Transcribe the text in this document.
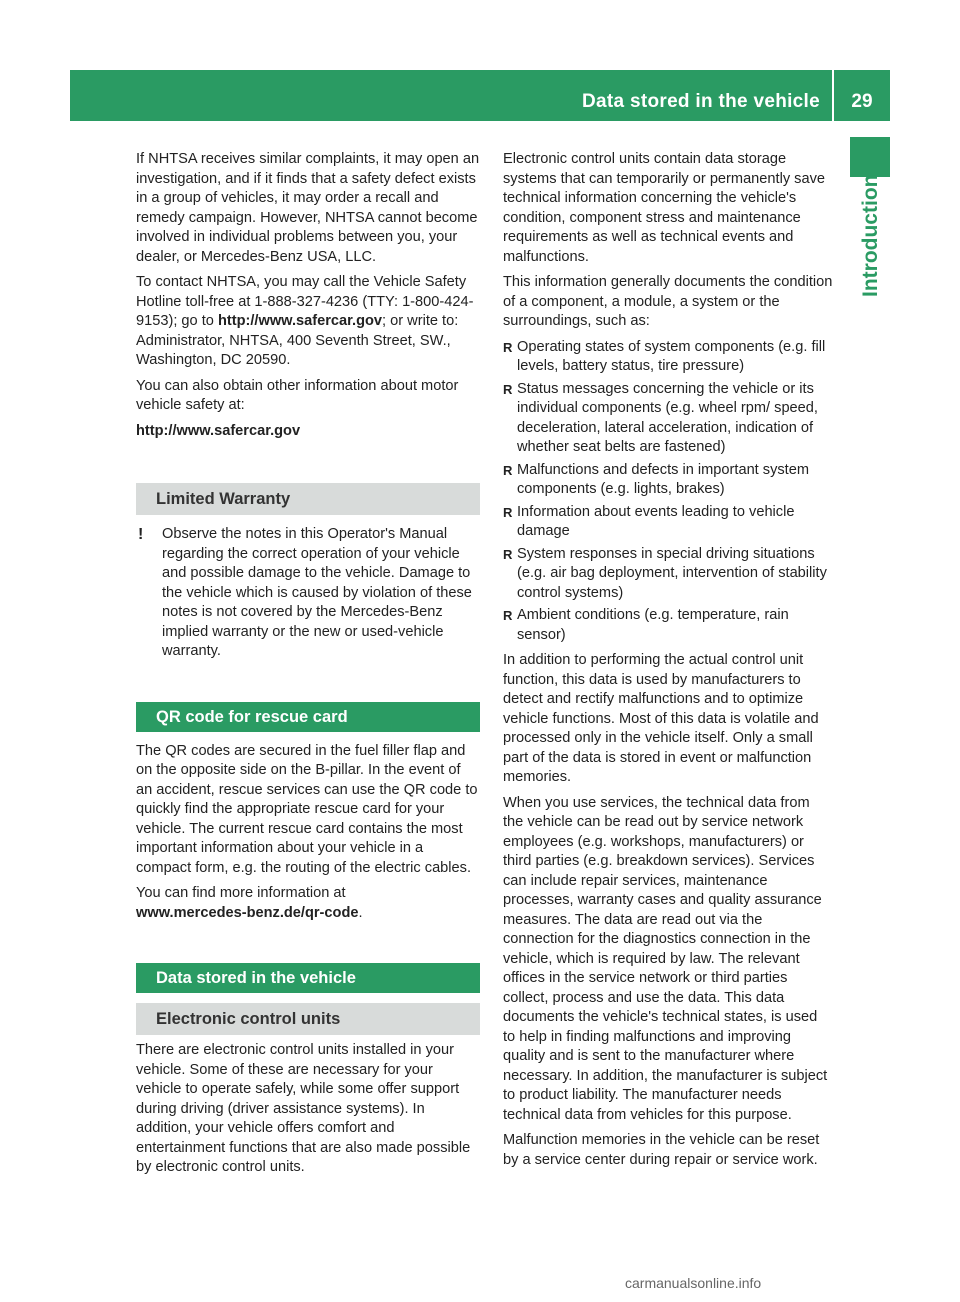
Data stored in the vehicle	29
Introduction

If NHTSA receives similar complaints, it may open an investigation, and if it finds that a safety defect exists in a group of vehicles, it may order a recall and remedy campaign. However, NHTSA cannot become involved in individual problems between you, your dealer, or Mercedes-Benz USA, LLC.

To contact NHTSA, you may call the Vehicle Safety Hotline toll-free at 1-888-327-4236 (TTY: 1-800-424-9153); go to http://www.safercar.gov; or write to: Administrator, NHTSA, 400 Seventh Street, SW., Washington, DC 20590.

You can also obtain other information about motor vehicle safety at:

http://www.safercar.gov

Limited Warranty

! Observe the notes in this Operator's Manual regarding the correct operation of your vehicle and possible damage to the vehicle. Damage to the vehicle which is caused by violation of these notes is not covered by the Mercedes-Benz implied warranty or the new or used-vehicle warranty.

QR code for rescue card

The QR codes are secured in the fuel filler flap and on the opposite side on the B-pillar. In the event of an accident, rescue services can use the QR code to quickly find the appropriate rescue card for your vehicle. The current rescue card contains the most important information about your vehicle in a compact form, e.g. the routing of the electric cables.

You can find more information at
www.mercedes-benz.de/qr-code.

Data stored in the vehicle
Electronic control units

There are electronic control units installed in your vehicle. Some of these are necessary for your vehicle to operate safely, while some offer support during driving (driver assistance systems). In addition, your vehicle offers comfort and entertainment functions that are also made possible by electronic control units.

Electronic control units contain data storage systems that can temporarily or permanently save technical information concerning the vehicle's condition, component stress and maintenance requirements as well as technical events and malfunctions.

This information generally documents the condition of a component, a module, a system or the surroundings, such as:

R Operating states of system components (e.g. fill levels, battery status, tire pressure)
R Status messages concerning the vehicle or its individual components (e.g. wheel rpm/ speed, deceleration, lateral acceleration, indication of whether seat belts are fastened)
R Malfunctions and defects in important system components (e.g. lights, brakes)
R Information about events leading to vehicle damage
R System responses in special driving situations (e.g. air bag deployment, intervention of stability control systems)
R Ambient conditions (e.g. temperature, rain sensor)

In addition to performing the actual control unit function, this data is used by manufacturers to detect and rectify malfunctions and to optimize vehicle functions. Most of this data is volatile and processed only in the vehicle itself. Only a small part of the data is stored in event or malfunction memories.

When you use services, the technical data from the vehicle can be read out by service network employees (e.g. workshops, manufacturers) or third parties (e.g. breakdown services). Services can include repair services, maintenance processes, warranty cases and quality assurance measures. The data are read out via the connection for the diagnostics connection in the vehicle, which is required by law. The relevant offices in the service network or third parties collect, process and use the data. This data documents the vehicle's technical states, is used to help in finding malfunctions and improving quality and is sent to the manufacturer where necessary. In addition, the manufacturer is subject to product liability. The manufacturer needs technical data from vehicles for this purpose.

Malfunction memories in the vehicle can be reset by a service center during repair or service work.

carmanualsonline.info
